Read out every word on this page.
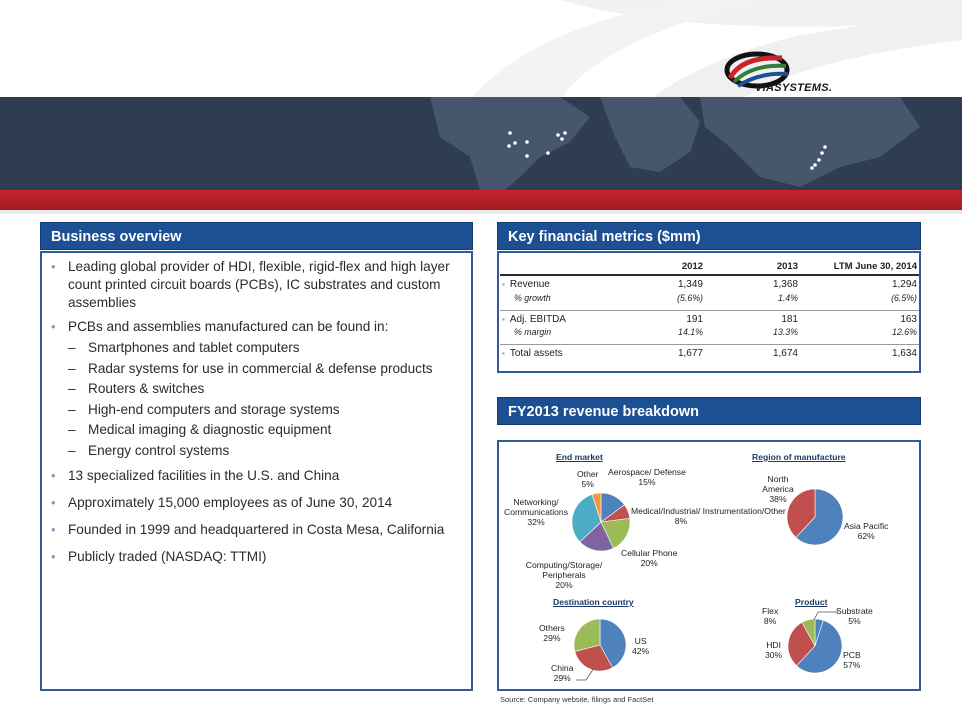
VIASYSTEMS.
Business overview
• Leading global provider of HDI, flexible, rigid-flex and high layer count printed circuit boards (PCBs), IC substrates and custom assemblies
• PCBs and assemblies manufactured can be found in:
– Smartphones and tablet computers
– Radar systems for use in commercial & defense products
– Routers & switches
– High-end computers and storage systems
– Medical imaging & diagnostic equipment
– Energy control systems
• 13 specialized facilities in the U.S. and China
• Approximately 15,000 employees as of June 30, 2014
• Founded in 1999 and headquartered in Costa Mesa, California
• Publicly traded (NASDAQ: TTMI)
Key financial metrics ($mm)
	2012	2013	LTM June 30, 2014
▪ Revenue	1,349	1,368	1,294
% growth	(5.6%)	1.4%	(6.5%)

▪ Adj. EBITDA	191	181	163
% margin	14.1%	13.3%	12.6%

▪ Total assets	1,677	1,674	1,634
FY2013 revenue breakdown
End market
Aerospace/ Defense
15%
Medical/Industrial/ Instrumentation/Other
8%
Cellular Phone
20%
Computing/Storage/ Peripherals
20%
Networking/ Communications
32%
Other
5%
Region of manufacture
Asia Pacific
62%
North America
38%
Destination country
US
42%
China
29%
Others
29%
Product
Substrate
5%
PCB
57%
HDI
30%
Flex
8%
Source: Company website, filings and FactSet
